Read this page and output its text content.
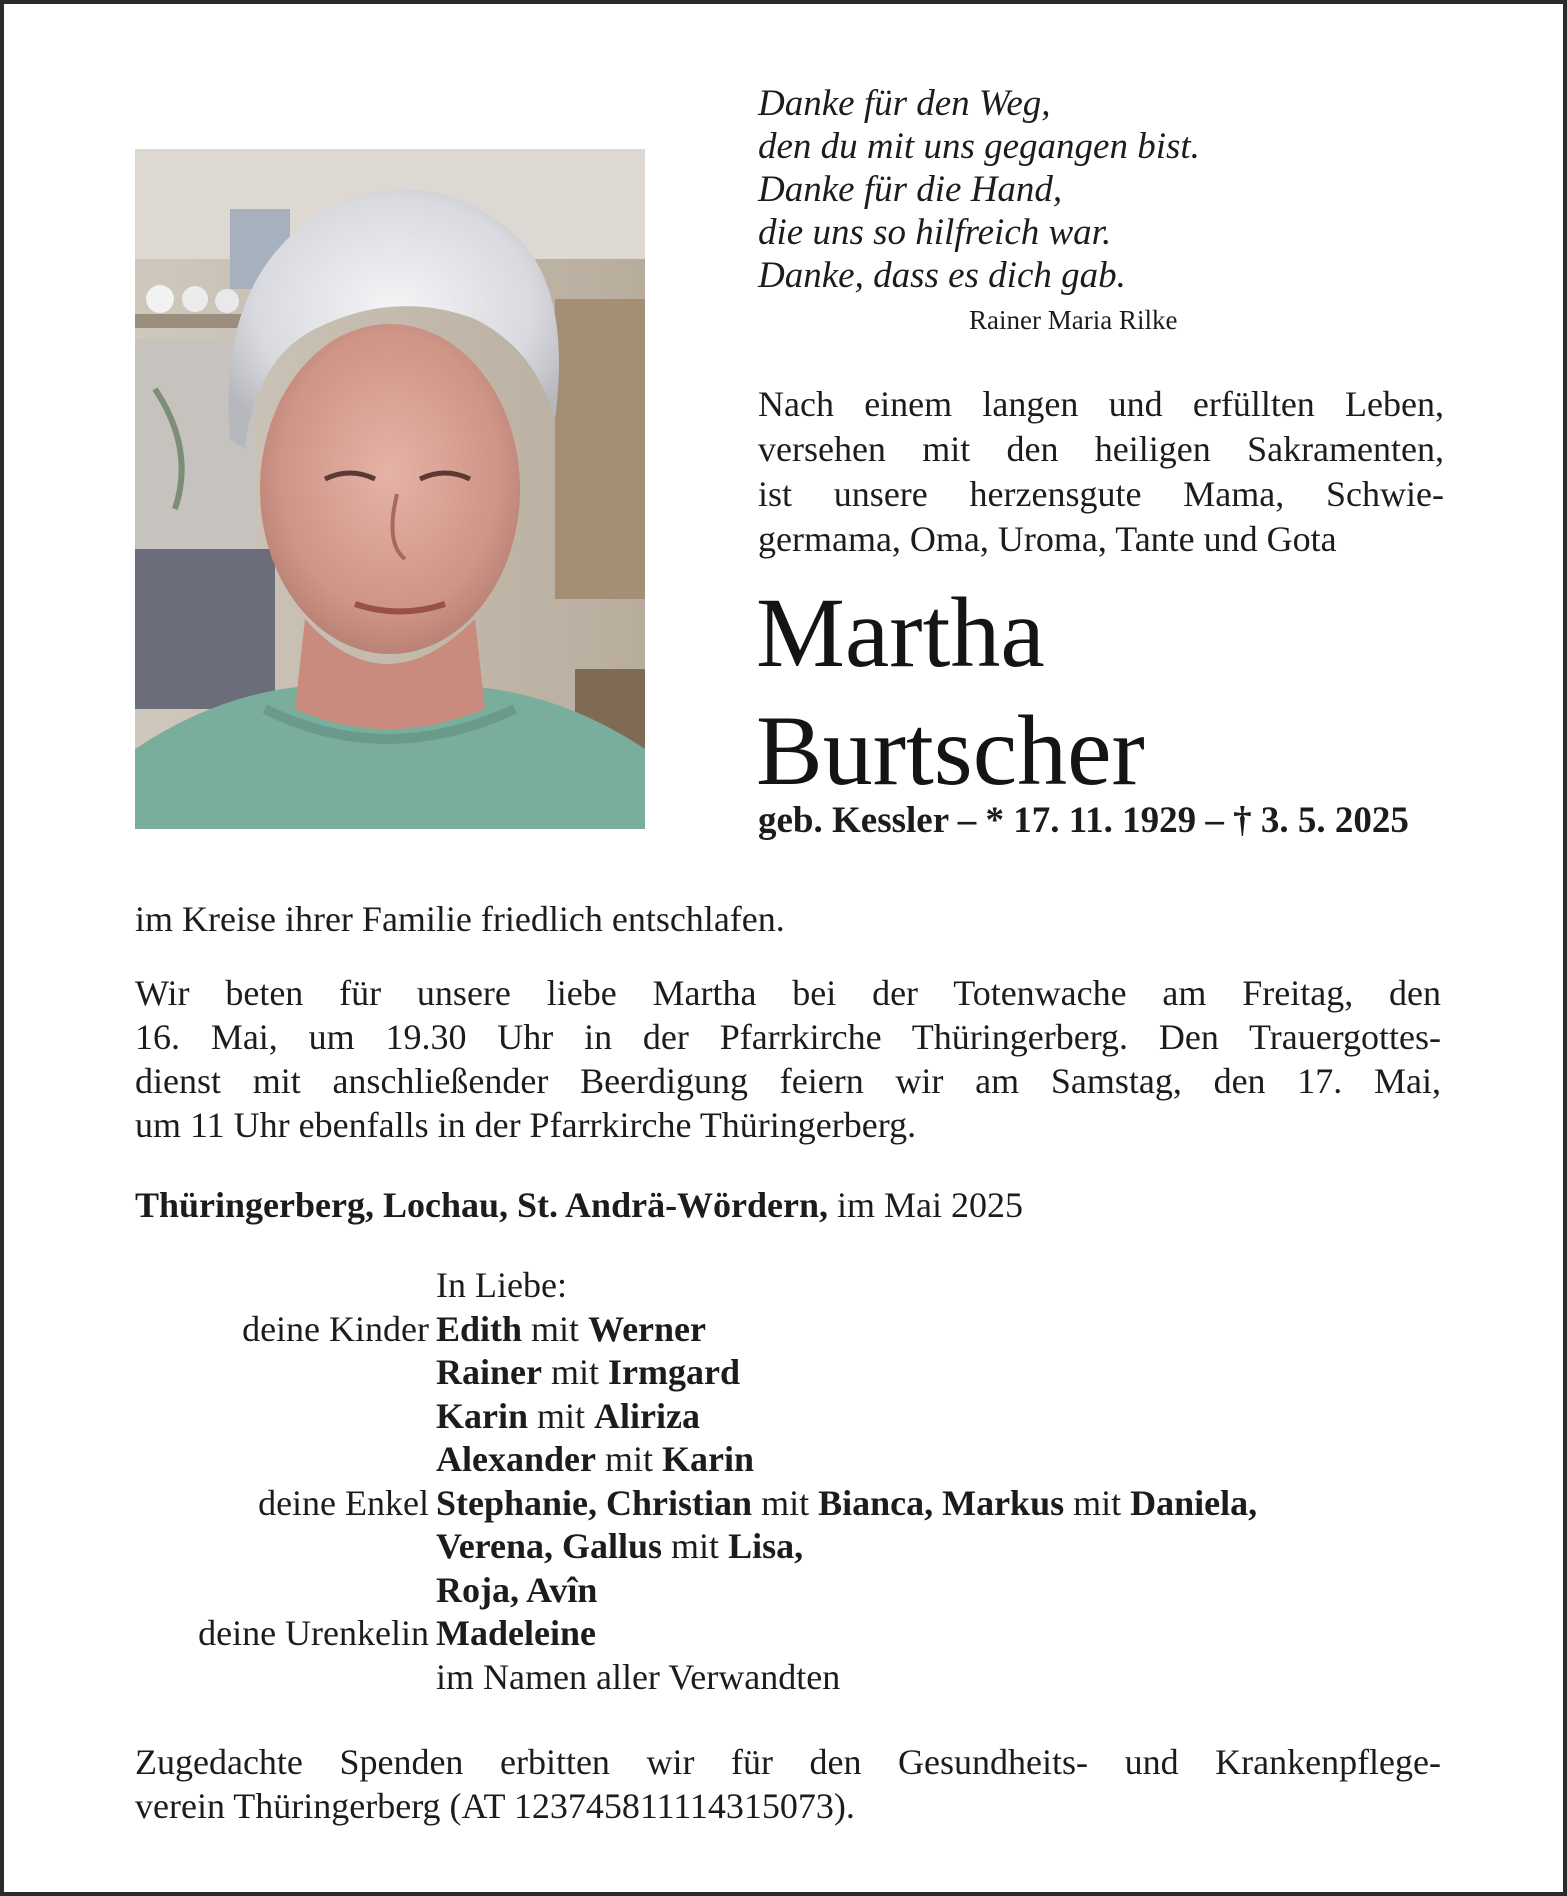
Danke für den Weg,
den du mit uns gegangen bist.
Danke für die Hand,
die uns so hilfreich war.
Danke, dass es dich gab.
Rainer Maria Rilke
Nach einem langen und erfüllten Leben,
versehen mit den heiligen Sakramenten,
ist unsere herzensgute Mama, Schwie-
germama, Oma, Uroma, Tante und Gota
Martha
Burtscher
geb. Kessler – * 17. 11. 1929 – † 3. 5. 2025
im Kreise ihrer Familie friedlich entschlafen.
Wir beten für unsere liebe Martha bei der Totenwache am Freitag, den
16. Mai, um 19.30 Uhr in der Pfarrkirche Thüringerberg. Den Trauergottes-
dienst mit anschließender Beerdigung feiern wir am Samstag, den 17. Mai,
um 11 Uhr ebenfalls in der Pfarrkirche Thüringerberg.
Thüringerberg, Lochau, St. Andrä-Wördern, im Mai 2025
In Liebe:
deine Kinder Edith mit Werner
Rainer mit Irmgard
Karin mit Aliriza
Alexander mit Karin
deine Enkel Stephanie, Christian mit Bianca, Markus mit Daniela,
Verena, Gallus mit Lisa,
Roja, Avîn
deine Urenkelin Madeleine
im Namen aller Verwandten
Zugedachte Spenden erbitten wir für den Gesundheits- und Krankenpflege-
verein Thüringerberg (AT 123745811114315073).
